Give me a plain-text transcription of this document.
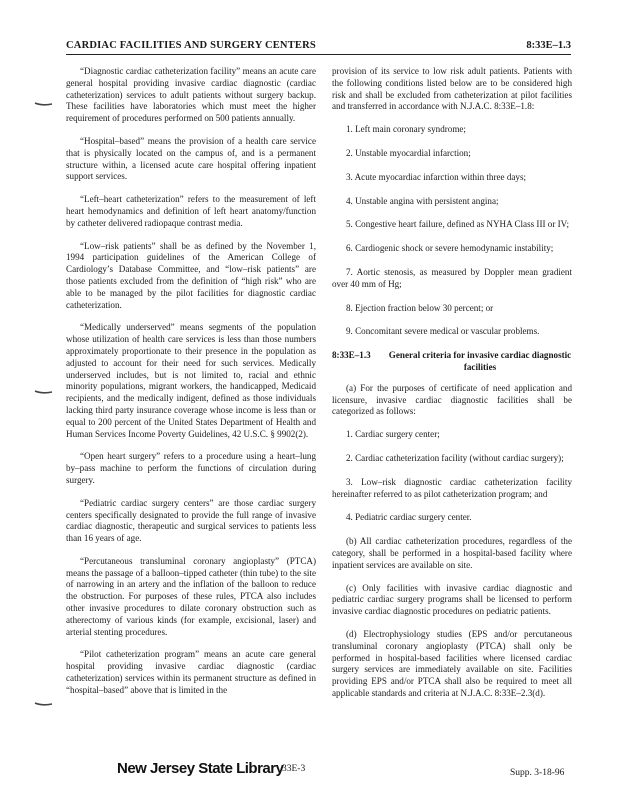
CARDIAC FACILITIES AND SURGERY CENTERS	8:33E–1.3

“Diagnostic cardiac catheterization facility” means an acute care general hospital providing invasive cardiac diagnostic (cardiac catheterization) services to adult patients without surgery backup. These facilities have laboratories which must meet the higher requirement of procedures performed on 500 patients annually.

“Hospital–based” means the provision of a health care service that is physically located on the campus of, and is a permanent structure within, a licensed acute care hospital offering inpatient support services.

“Left–heart catheterization” refers to the measurement of left heart hemodynamics and definition of left heart anatomy/function by catheter delivered radiopaque contrast media.

“Low–risk patients” shall be as defined by the November 1, 1994 participation guidelines of the American College of Cardiology’s Database Committee, and “low–risk patients” are those patients excluded from the definition of “high risk” who are able to be managed by the pilot facilities for diagnostic cardiac catheterization.

“Medically underserved” means segments of the population whose utilization of health care services is less than those numbers approximately proportionate to their presence in the population as adjusted to account for their need for such services. Medically underserved includes, but is not limited to, racial and ethnic minority populations, migrant workers, the handicapped, Medicaid recipients, and the medically indigent, defined as those individuals lacking third party insurance coverage whose income is less than or equal to 200 percent of the United States Department of Health and Human Services Income Poverty Guidelines, 42 U.S.C. § 9902(2).

“Open heart surgery” refers to a procedure using a heart–lung by–pass machine to perform the functions of circulation during surgery.

“Pediatric cardiac surgery centers” are those cardiac surgery centers specifically designated to provide the full range of invasive cardiac diagnostic, therapeutic and surgical services to patients less than 16 years of age.

“Percutaneous transluminal coronary angioplasty” (PTCA) means the passage of a balloon–tipped catheter (thin tube) to the site of narrowing in an artery and the inflation of the balloon to reduce the obstruction. For purposes of these rules, PTCA also includes other invasive procedures to dilate coronary obstruction such as atherectomy of various kinds (for example, excisional, laser) and arterial stenting procedures.

“Pilot catheterization program” means an acute care general hospital providing invasive cardiac diagnostic (cardiac catheterization) services within its permanent structure as defined in “hospital–based” above that is limited in the

provision of its service to low risk adult patients. Patients with the following conditions listed below are to be considered high risk and shall be excluded from catheterization at pilot facilities and transferred in accordance with N.J.A.C. 8:33E–1.8:

1. Left main coronary syndrome;
2. Unstable myocardial infarction;
3. Acute myocardiac infarction within three days;
4. Unstable angina with persistent angina;
5. Congestive heart failure, defined as NYHA Class III or IV;
6. Cardiogenic shock or severe hemodynamic instability;
7. Aortic stenosis, as measured by Doppler mean gradient over 40 mm of Hg;
8. Ejection fraction below 30 percent; or
9. Concomitant severe medical or vascular problems.
8:33E–1.3	General criteria for invasive cardiac diagnostic facilities

(a) For the purposes of certificate of need application and licensure, invasive cardiac diagnostic facilities shall be categorized as follows:

1. Cardiac surgery center;
2. Cardiac catheterization facility (without cardiac surgery);
3. Low–risk diagnostic cardiac catheterization facility hereinafter referred to as pilot catheterization program; and
4. Pediatric cardiac surgery center.

(b) All cardiac catheterization procedures, regardless of the category, shall be performed in a hospital-based facility where inpatient services are available on site.

(c) Only facilities with invasive cardiac diagnostic and pediatric cardiac surgery programs shall be licensed to perform invasive cardiac diagnostic procedures on pediatric patients.

(d) Electrophysiology studies (EPS and/or percutaneous transluminal coronary angioplasty (PTCA) shall only be performed in hospital-based facilities where licensed cardiac surgery services are immediately available on site. Facilities providing EPS and/or PTCA shall also be required to meet all applicable standards and criteria at N.J.A.C. 8:33E–2.3(d).

New Jersey State Library
33E-3	Supp. 3-18-96
